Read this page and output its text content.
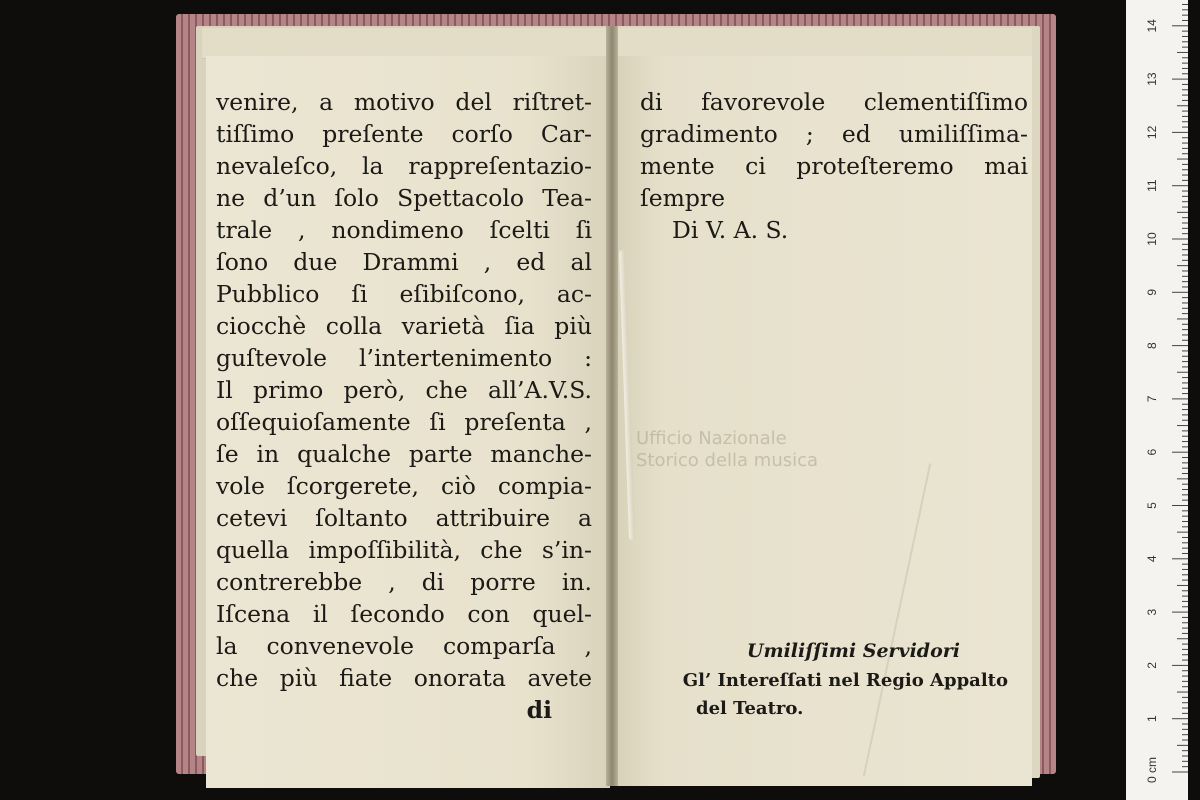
Ufficio Nazionale
Storico della musica
venire, a motivo del riſtret-
tiſſimo preſente corſo Car-
nevaleſco, la rappreſentazio-
ne d’un ſolo Spettacolo Tea-
trale , nondimeno ſcelti ſi
ſono due Drammi , ed al
Pubblico ſi eſibiſcono, ac-
ciocchè colla varietà ſia più
guſtevole l’intertenimento :
Il primo però, che all’A.V.S.
oſſequioſamente ſi preſenta ,
ſe in qualche parte manche-
vole ſcorgerete, ciò compia-
cetevi ſoltanto attribuire a
quella impoſſibilità, che s’in-
contrerebbe , di porre in.
Iſcena il ſecondo con quel-
la convenevole comparſa ,
che più fiate onorata avete
di
di favorevole clementiſſimo
gradimento ; ed umiliſſima-
mente ci proteſteremo mai
ſempre
Di V. A. S.
Umiliſſimi Servidori
Gl’ Intereſſati nel Regio Appalto
del Teatro.
0 cm
1
2
3
4
5
6
7
8
9
10
11
12
13
14
